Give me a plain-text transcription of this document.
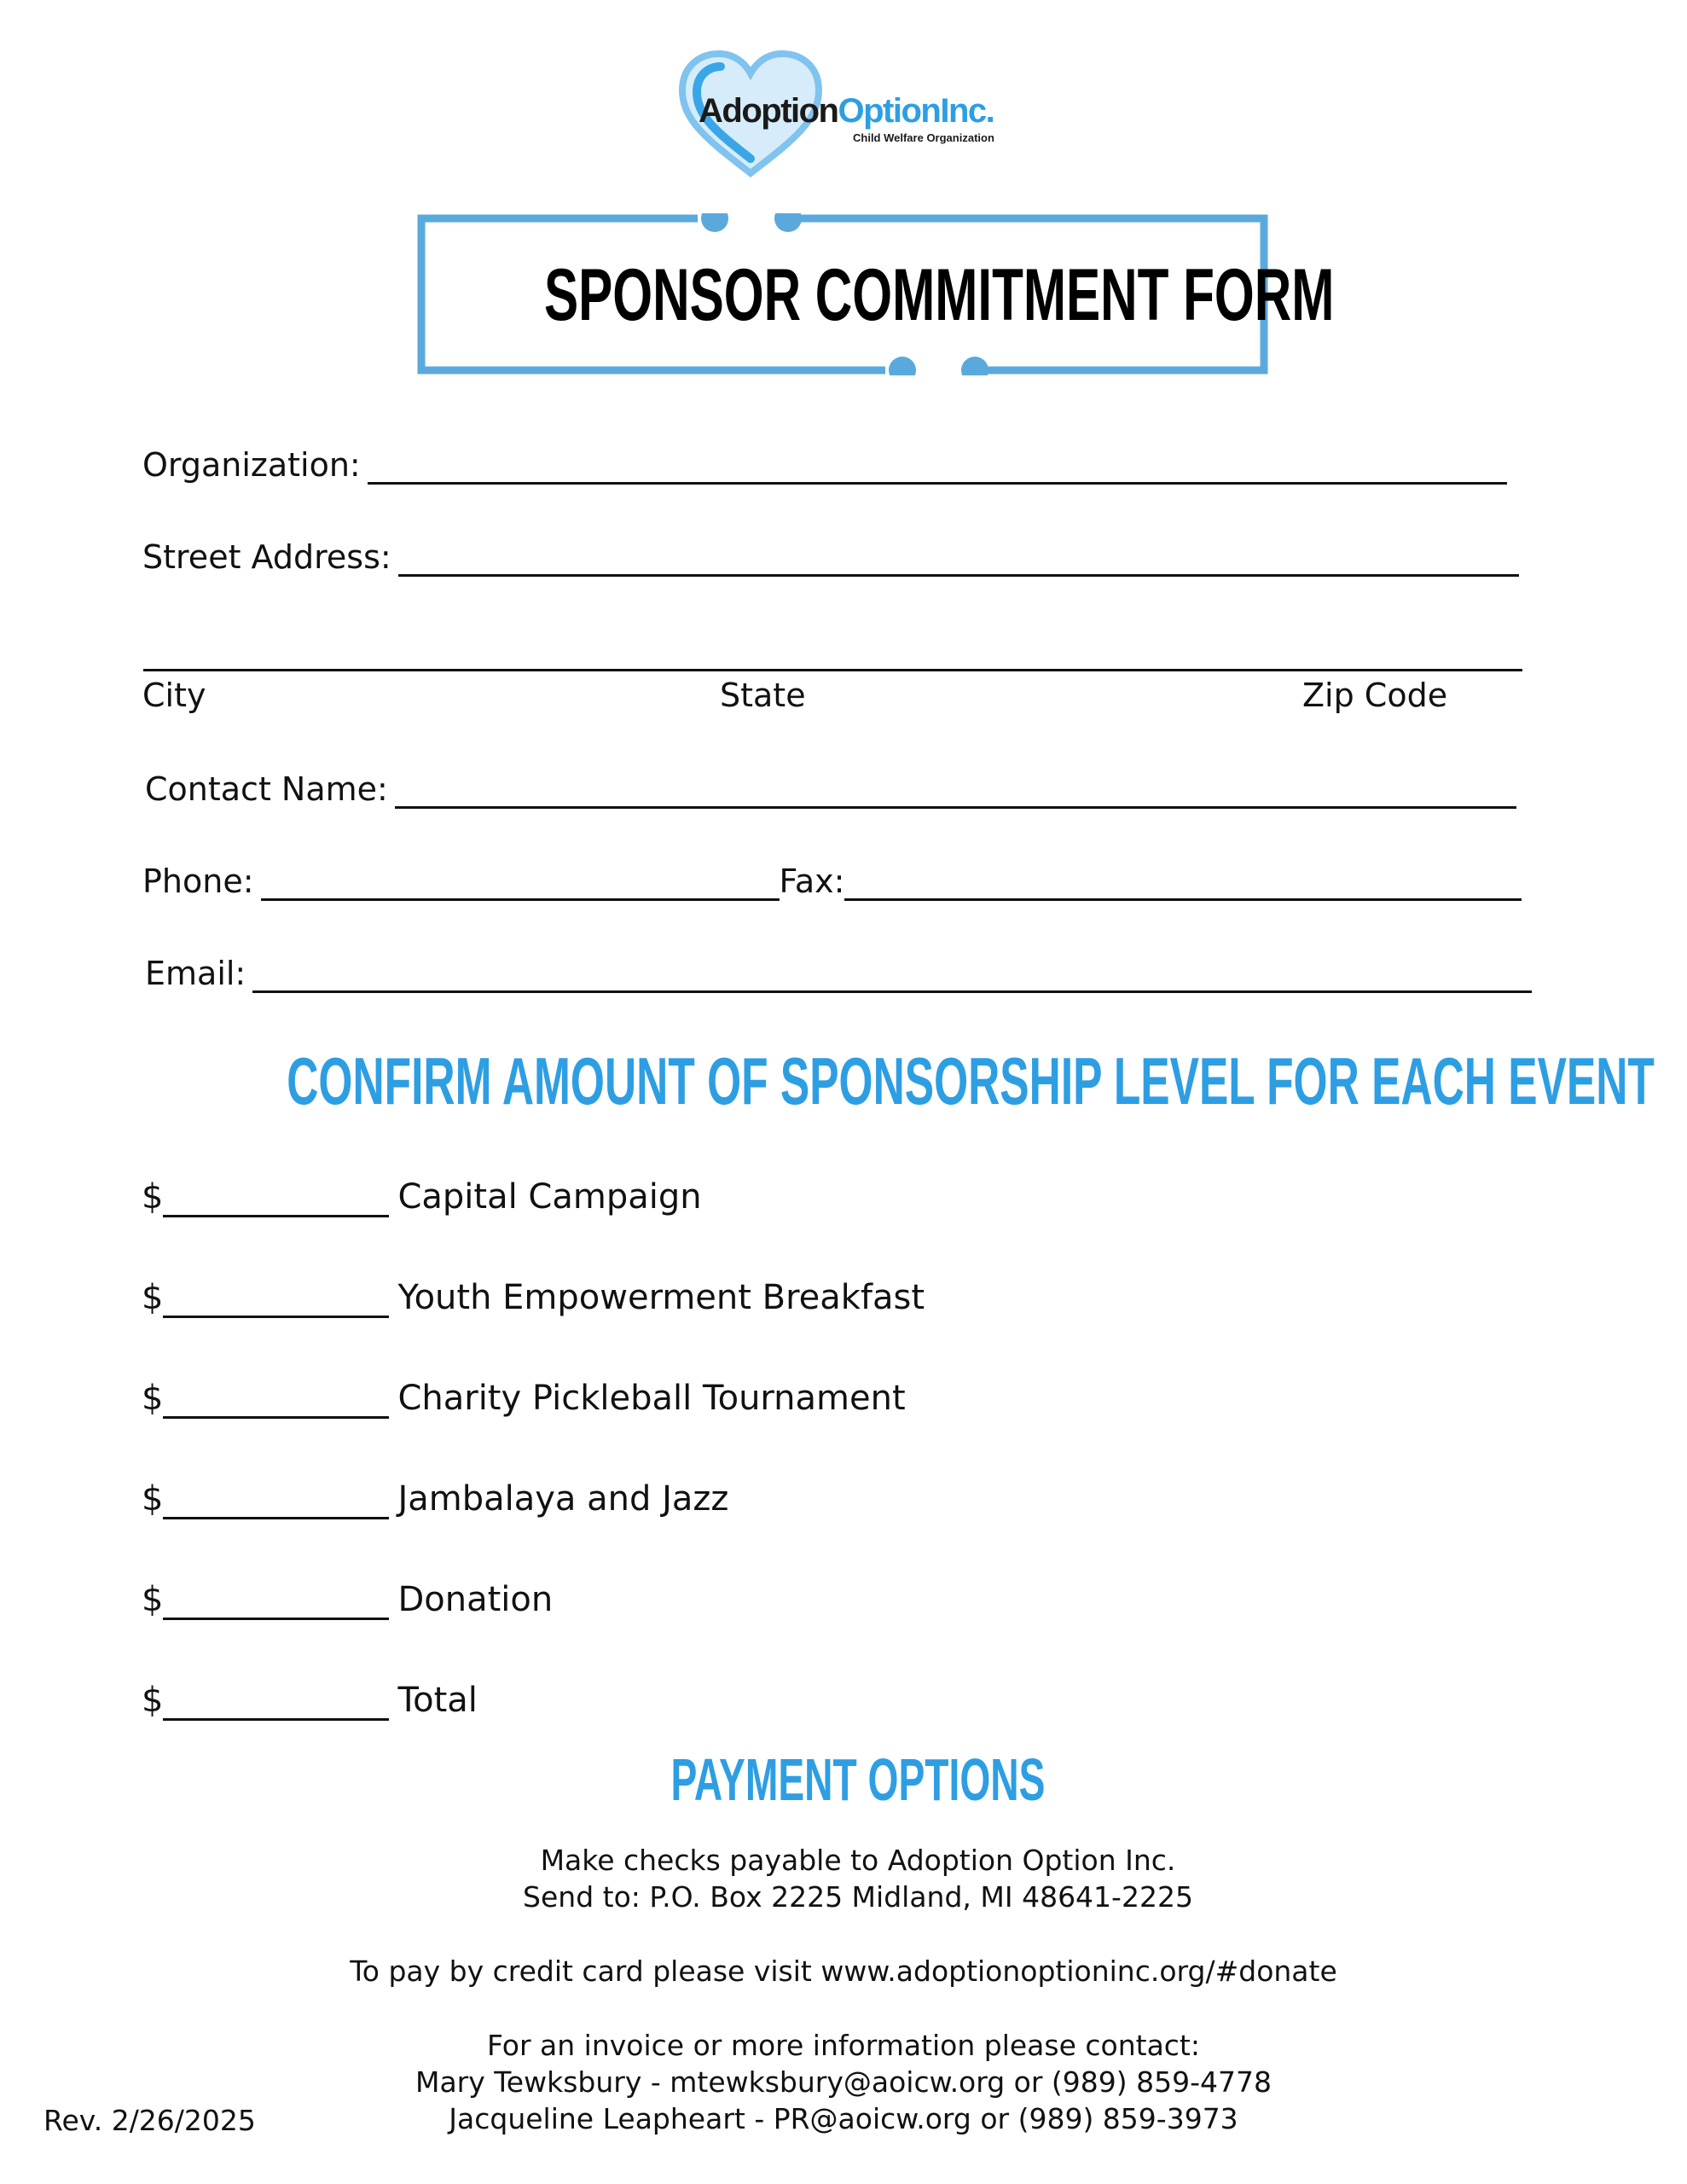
AdoptionOptionInc.
Child Welfare Organization
SPONSOR COMMITMENT FORM
Organization:
Street Address:
City	State	Zip Code
Contact Name:
Phone:	Fax:
Email:
CONFIRM AMOUNT OF SPONSORSHIP LEVEL FOR EACH EVENT
$	Capital Campaign
$	Youth Empowerment Breakfast
$	Charity Pickleball Tournament
$	Jambalaya and Jazz
$	Donation
$	Total
PAYMENT OPTIONS
Make checks payable to Adoption Option Inc.
Send to: P.O. Box 2225 Midland, MI 48641-2225
To pay by credit card please visit www.adoptionoptioninc.org/#donate
For an invoice or more information please contact:
Mary Tewksbury - mtewksbury@aoicw.org or (989) 859-4778
Jacqueline Leapheart - PR@aoicw.org or (989) 859-3973
Rev. 2/26/2025
